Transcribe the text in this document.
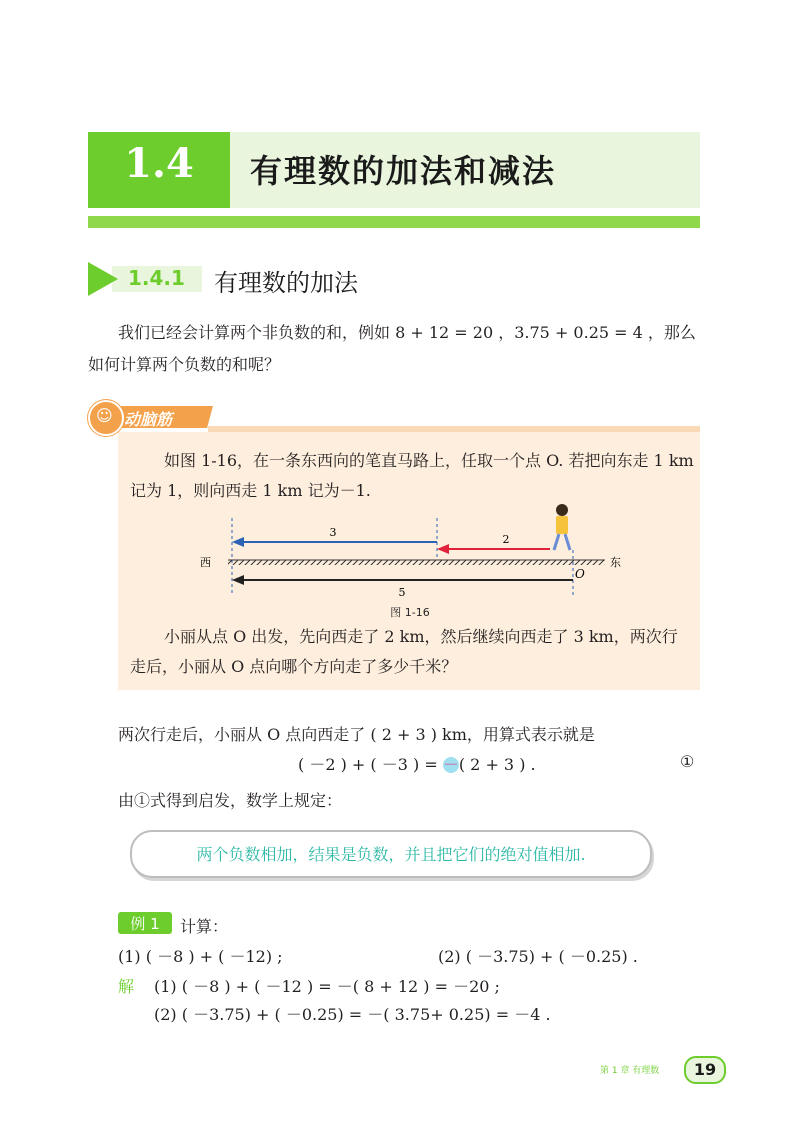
1.4	有理数的加法和减法
1.4.1 有理数的加法
我们已经会计算两个非负数的和，例如 8 + 12 = 20 ，3.75 + 0.25 = 4 ，那么
如何计算两个负数的和呢？
☺ 动脑筋
如图 1-16，在一条东西向的笔直马路上，任取一个点 O. 若把向东走 1 km
记为 1，则向西走 1 km 记为－1.
3
2
5
西	东
O
图 1-16
小丽从点 O 出发，先向西走了 2 km，然后继续向西走了 3 km，两次行
走后，小丽从 O 点向哪个方向走了多少千米？
两次行走后，小丽从 O 点向西走了 ( 2 + 3 ) km，用算式表示就是
( －2 ) + ( －3 ) = －( 2 + 3 ) .	①
由①式得到启发，数学上规定：
两个负数相加，结果是负数，并且把它们的绝对值相加.
例 1	计算：
(1) ( －8 ) + ( －12) ;	(2) ( －3.75) + ( －0.25) .
解 (1) ( －8 ) + ( －12 ) = －( 8 + 12 ) = －20 ;
(2) ( －3.75) + ( －0.25) = －( 3.75+ 0.25) = －4 .
第 1 章 有理数	19
